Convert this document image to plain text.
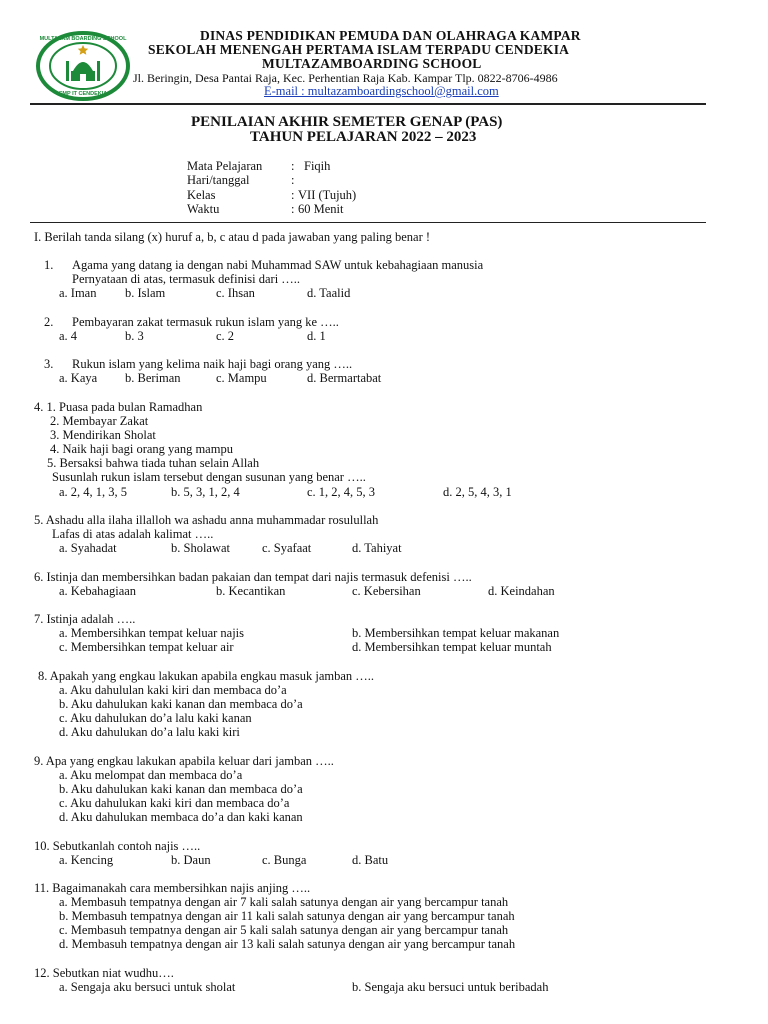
MULTAZAM BOARDING SCHOOL
SMP IT CENDEKIA
DINAS PENDIDIKAN PEMUDA DAN OLAHRAGA KAMPAR
SEKOLAH MENENGAH PERTAMA ISLAM TERPADU CENDEKIA
MULTAZAMBOARDING SCHOOL
Jl. Beringin, Desa Pantai Raja, Kec. Perhentian Raja Kab. Kampar Tlp. 0822-8706-4986
E-mail : multazamboardingschool@gmail.com
PENILAIAN AKHIR SEMETER GENAP (PAS)
TAHUN PELAJARAN 2022 – 2023
Mata Pelajaran : Fiqih
Hari/tanggal	:
Kelas	: VII (Tujuh)
Waktu	: 60 Menit
I. Berilah tanda silang (x) huruf a, b, c atau d pada jawaban yang paling benar !
1. Agama yang datang ia dengan nabi Muhammad SAW untuk kebahagiaan manusia
Pernyataan di atas, termasuk definisi dari …..
a. Iman b. Islam	c. Ihsan	d. Taalid
2. Pembayaran zakat termasuk rukun islam yang ke …..
a. 4	b. 3	c. 2	d. 1
3. Rukun islam yang kelima naik haji bagi orang yang …..
a. Kaya b. Beriman	c. Mampu	d. Bermartabat
4. 1. Puasa pada bulan Ramadhan
2. Membayar Zakat
3. Mendirikan Sholat
4. Naik haji bagi orang yang mampu
5. Bersaksi bahwa tiada tuhan selain Allah
Susunlah rukun islam tersebut dengan susunan yang benar …..
a. 2, 4, 1, 3, 5	b. 5, 3, 1, 2, 4	c. 1, 2, 4, 5, 3	d. 2, 5, 4, 3, 1
5. Ashadu alla ilaha illalloh wa ashadu anna muhammadar rosulullah
Lafas di atas adalah kalimat …..
a. Syahadat	b. Sholawat	c. Syafaat	d. Tahiyat
6. Istinja dan membersihkan badan pakaian dan tempat dari najis termasuk defenisi …..
a. Kebahagiaan	b. Kecantikan	c. Kebersihan	d. Keindahan
7. Istinja adalah …..
a. Membersihkan tempat keluar najis	b. Membersihkan tempat keluar makanan
c. Membersihkan tempat keluar air	d. Membersihkan tempat keluar muntah
8. Apakah yang engkau lakukan apabila engkau masuk jamban …..
a. Aku dahululan kaki kiri dan membaca do’a
b. Aku dahulukan kaki kanan dan membaca do’a
c. Aku dahulukan do’a lalu kaki kanan
d. Aku dahulukan do’a lalu kaki kiri
9. Apa yang engkau lakukan apabila keluar dari jamban …..
a. Aku melompat dan membaca do’a
b. Aku dahulukan kaki kanan dan membaca do’a
c. Aku dahulukan kaki kiri dan membaca do’a
d. Aku dahulukan membaca do’a dan kaki kanan
10. Sebutkanlah contoh najis …..
a. Kencing	b. Daun	c. Bunga	d. Batu
11. Bagaimanakah cara membersihkan najis anjing …..
a. Membasuh tempatnya dengan air 7 kali salah satunya dengan air yang bercampur tanah
b. Membasuh tempatnya dengan air 11 kali salah satunya dengan air yang bercampur tanah
c. Membasuh tempatnya dengan air 5 kali salah satunya dengan air yang bercampur tanah
d. Membasuh tempatnya dengan air 13 kali salah satunya dengan air yang bercampur tanah
12. Sebutkan niat wudhu….
a. Sengaja aku bersuci untuk sholat	b. Sengaja aku bersuci untuk beribadah
